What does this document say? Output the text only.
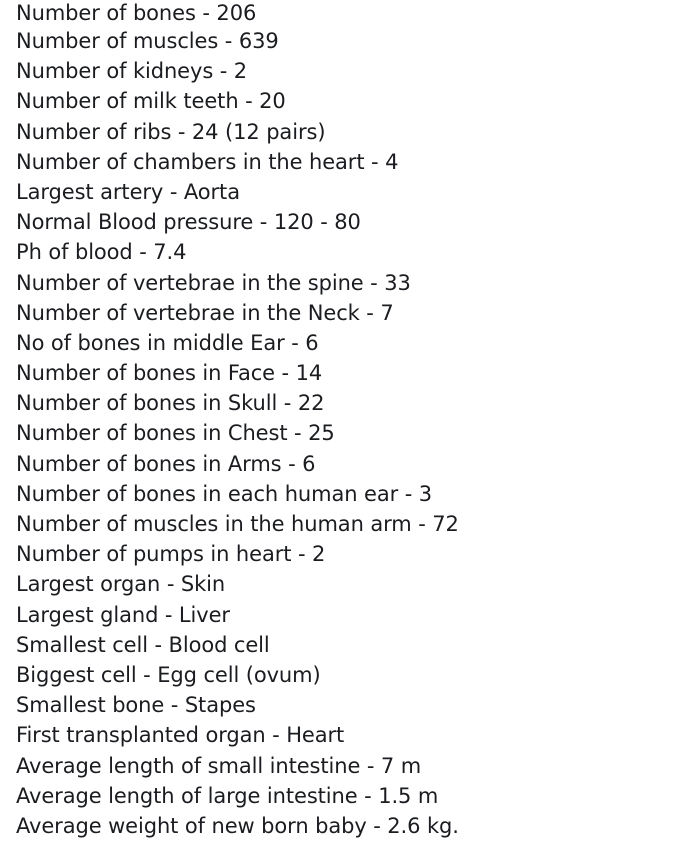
Number of bones - 206
Number of muscles - 639
Number of kidneys - 2
Number of milk teeth - 20
Number of ribs - 24 (12 pairs)
Number of chambers in the heart - 4
Largest artery - Aorta
Normal Blood pressure - 120 - 80
Ph of blood - 7.4
Number of vertebrae in the spine - 33
Number of vertebrae in the Neck - 7
No of bones in middle Ear - 6
Number of bones in Face - 14
Number of bones in Skull - 22
Number of bones in Chest - 25
Number of bones in Arms - 6
Number of bones in each human ear - 3
Number of muscles in the human arm - 72
Number of pumps in heart - 2
Largest organ - Skin
Largest gland - Liver
Smallest cell - Blood cell
Biggest cell - Egg cell (ovum)
Smallest bone - Stapes
First transplanted organ - Heart
Average length of small intestine - 7 m
Average length of large intestine - 1.5 m
Average weight of new born baby - 2.6 kg.
